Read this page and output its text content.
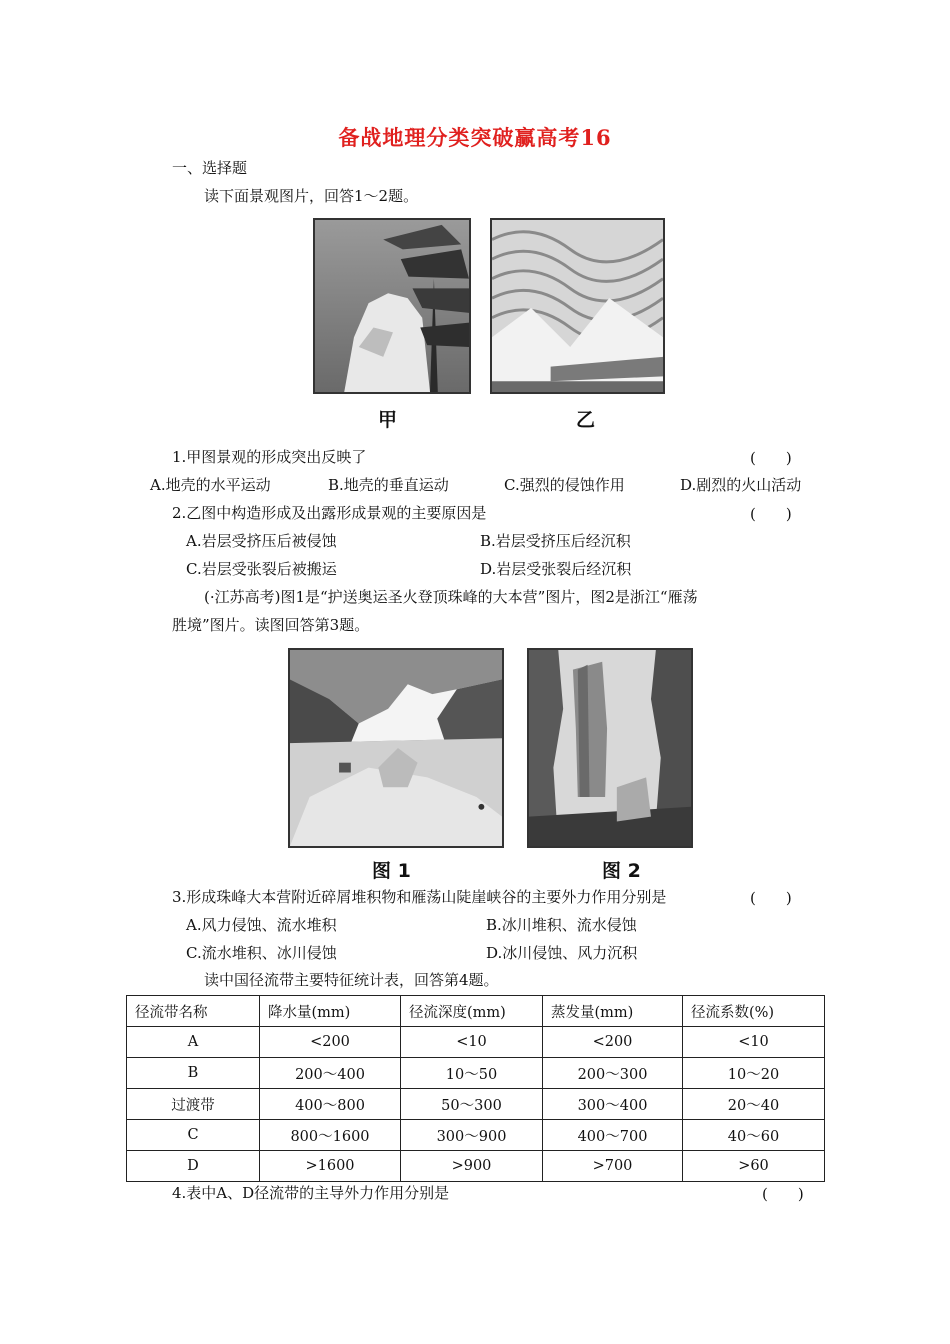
备战地理分类突破赢高考16
一、选择题
读下面景观图片，回答1～2题。
甲	乙
1.甲图景观的形成突出反映了	(　　)
A.地壳的水平运动	B.地壳的垂直运动	C.强烈的侵蚀作用	D.剧烈的火山活动
2.乙图中构造形成及出露形成景观的主要原因是	(　　)
A.岩层受挤压后被侵蚀	B.岩层受挤压后经沉积
C.岩层受张裂后被搬运	D.岩层受张裂后经沉积
(·江苏高考)图1是“护送奥运圣火登顶珠峰的大本营”图片，图2是浙江“雁荡
胜境”图片。读图回答第3题。
图 1	图 2
3.形成珠峰大本营附近碎屑堆积物和雁荡山陡崖峡谷的主要外力作用分别是	(　　)
A.风力侵蚀、流水堆积	B.冰川堆积、流水侵蚀
C.流水堆积、冰川侵蚀	D.冰川侵蚀、风力沉积
读中国径流带主要特征统计表，回答第4题。
径流带名称	降水量(mm)	径流深度(mm)	蒸发量(mm)	径流系数(%)
A	<200	<10	<200	<10
B	200～400	10～50	200～300	10～20
过渡带	400～800	50～300	300～400	20～40
C	800～1600	300～900	400～700	40～60
D	>1600	>900	>700	>60
4.表中A、D径流带的主导外力作用分别是	(　　)
